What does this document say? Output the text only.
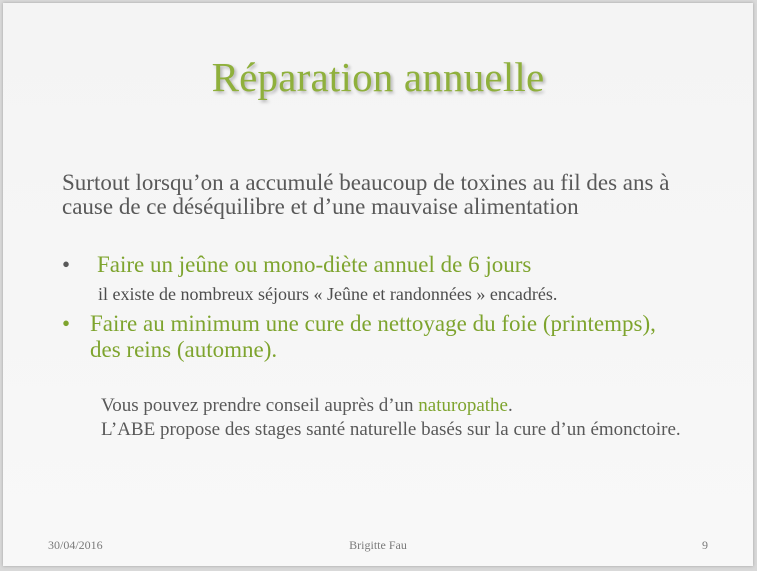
Réparation annuelle
Surtout lorsqu’on a accumulé beaucoup de toxines au fil des ans à cause de ce déséquilibre et d’une mauvaise alimentation
• Faire un jeûne ou mono-diète annuel de 6 jours
il existe de nombreux séjours « Jeûne et randonnées » encadrés.
• Faire au minimum une cure de nettoyage du foie (printemps), des reins (automne).

Vous pouvez prendre conseil auprès d’un naturopathe.

L’ABE propose des stages santé naturelle basés sur la cure d’un émonctoire.

30/04/2016	Brigitte Fau	9
